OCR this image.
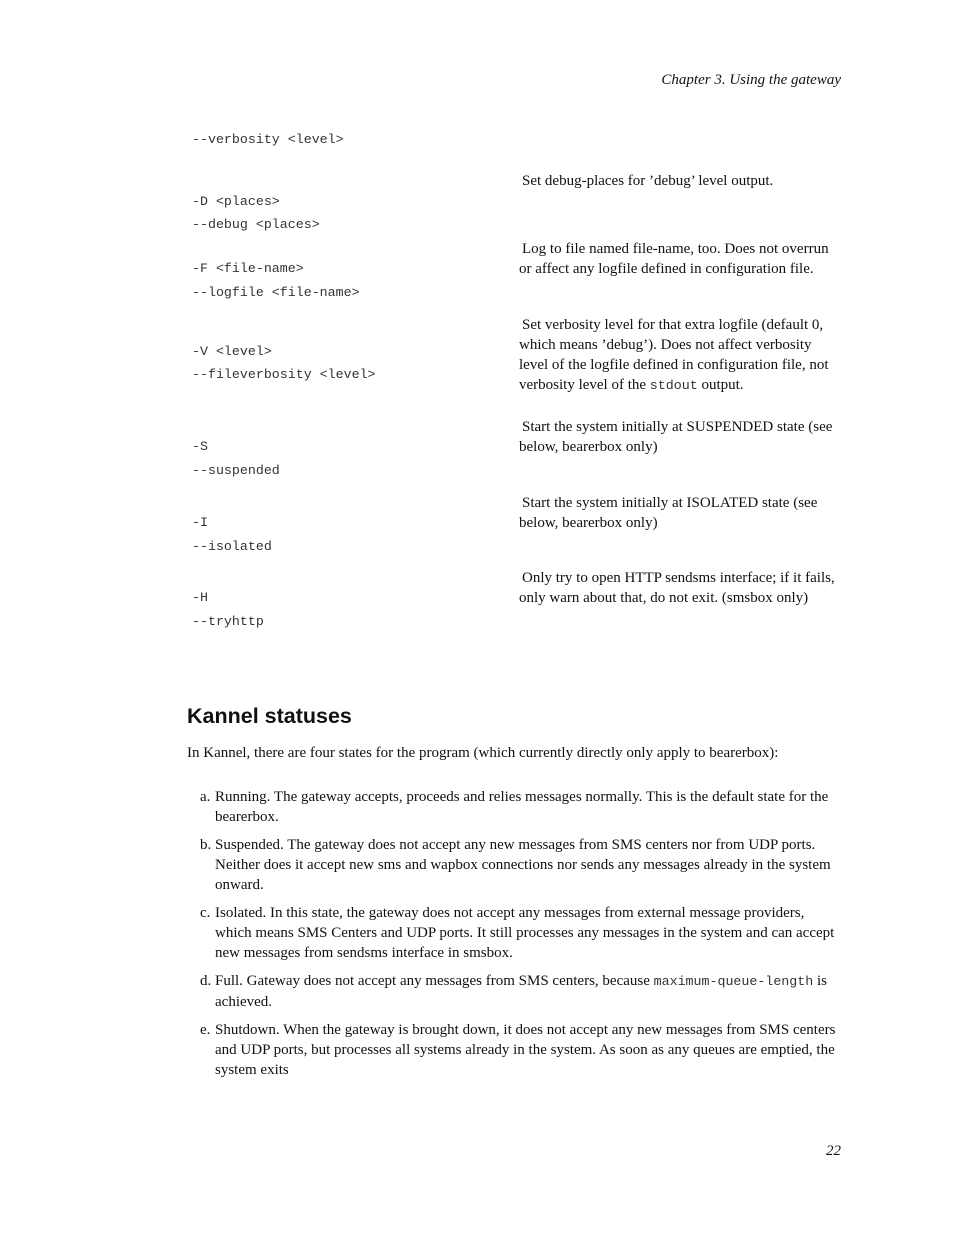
Chapter 3. Using the gateway
--verbosity <level>
-D <places>
--debug <places>
-F <file-name>
--logfile <file-name>
-V <level>
--fileverbosity <level>
-S
--suspended
-I
--isolated
-H
--tryhttp
Set debug-places for ’debug’ level output.
Log to file named file-name, too. Does not overrun or affect any logfile defined in configuration file.
Set verbosity level for that extra logfile (default 0, which means ’debug’). Does not affect verbosity level of the logfile defined in configuration file, not verbosity level of the stdout output.
Start the system initially at SUSPENDED state (see below, bearerbox only)
Start the system initially at ISOLATED state (see below, bearerbox only)
Only try to open HTTP sendsms interface; if it fails, only warn about that, do not exit. (smsbox only)
Kannel statuses
In Kannel, there are four states for the program (which currently directly only apply to bearerbox):
a. Running. The gateway accepts, proceeds and relies messages normally. This is the default state for the bearerbox.
b. Suspended. The gateway does not accept any new messages from SMS centers nor from UDP ports. Neither does it accept new sms and wapbox connections nor sends any messages already in the system onward.
c. Isolated. In this state, the gateway does not accept any messages from external message providers, which means SMS Centers and UDP ports. It still processes any messages in the system and can accept new messages from sendsms interface in smsbox.
d. Full. Gateway does not accept any messages from SMS centers, because maximum-queue-length is achieved.
e. Shutdown. When the gateway is brought down, it does not accept any new messages from SMS centers and UDP ports, but processes all systems already in the system. As soon as any queues are emptied, the system exits
22
